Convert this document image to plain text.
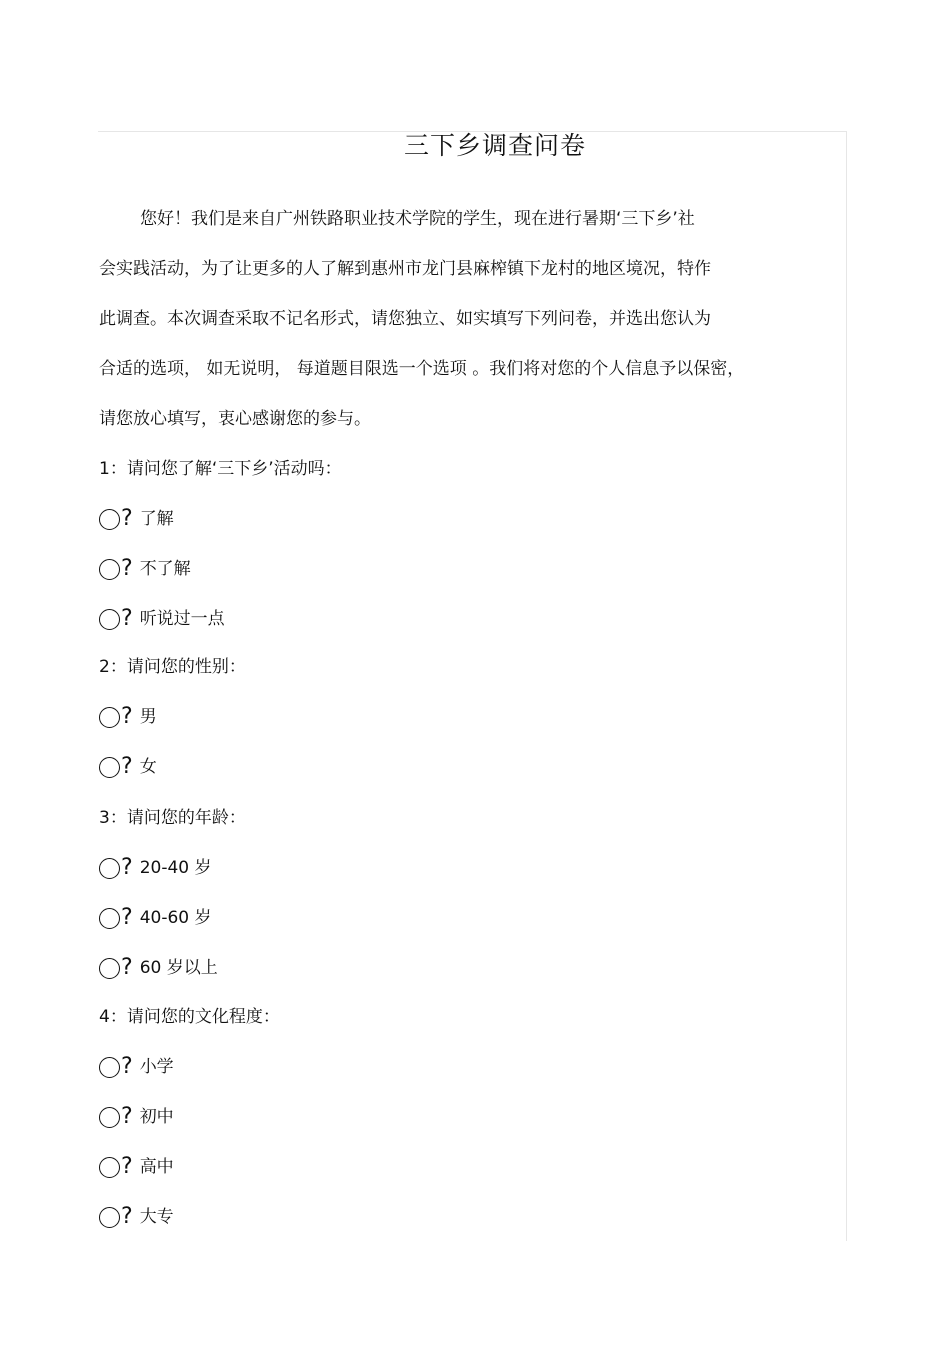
三下乡调查问卷
您好！我们是来自广州铁路职业技术学院的学生，现在进行暑期‘三下乡’社
会实践活动，为了让更多的人了解到惠州市龙门县麻榨镇下龙村的地区境况，特作
此调查。本次调查采取不记名形式，请您独立、如实填写下列问卷，并选出您认为
合适的选项， 如无说明， 每道题目限选一个选项 。我们将对您的个人信息予以保密，
请您放心填写，衷心感谢您的参与。
1：请问您了解‘三下乡’活动吗：
? 了解
? 不了解
? 听说过一点
2：请问您的性别：
? 男
? 女
3：请问您的年龄：
? 20-40 岁
? 40-60 岁
? 60 岁以上
4：请问您的文化程度：
? 小学
? 初中
? 高中
? 大专
